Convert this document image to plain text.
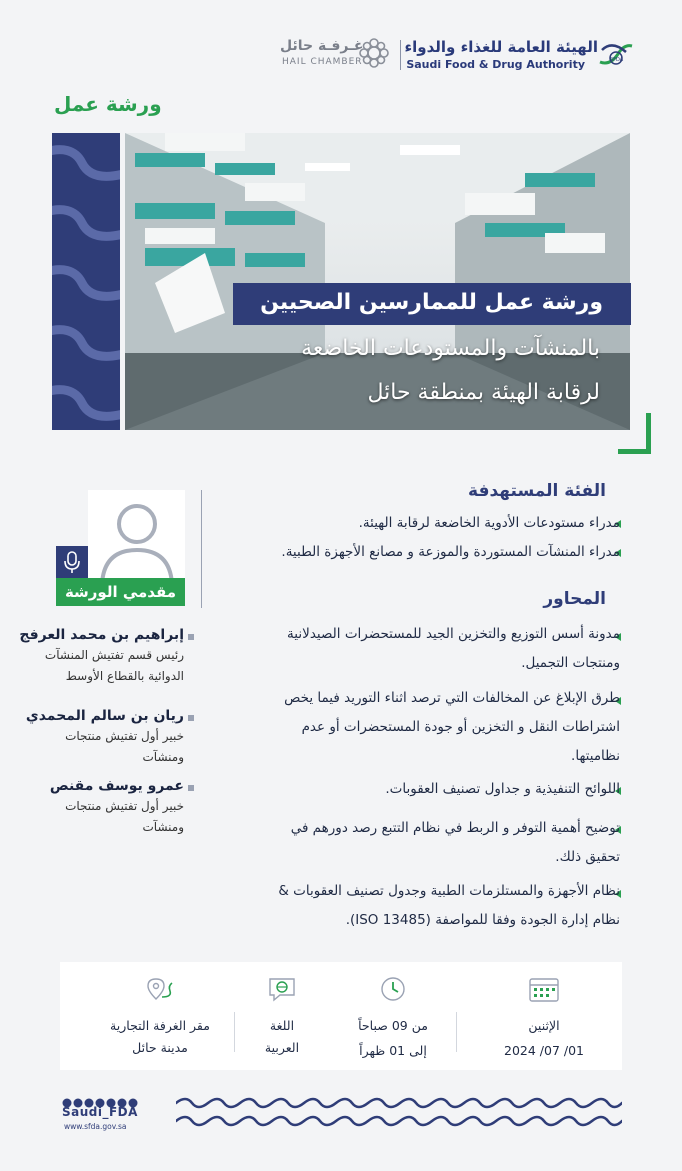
غـرفـة حائل
HAIL CHAMBER
الهيئة العامة للغذاء والدواء
Saudi Food & Drug Authority	SFDA
ورشة عمل
ورشة عمل للممارسين الصحيين
بالمنشآت والمستودعات الخاضعة
لرقابة الهيئة بمنطقة حائل
مقدمي الورشة
إبراهيم بن محمد العرفج
رئيس قسم تفتيش المنشآت الدوائية بالقطاع الأوسط
ريان بن سالم المحمدي
خبير أول تفتيش منتجات ومنشآت
عمرو يوسف مقنص
خبير أول تفتيش منتجات ومنشآت
الفئة المستهدفة
مدراء مستودعات الأدوية الخاضعة لرقابة الهيئة.
مدراء المنشآت المستوردة والموزعة و مصانع الأجهزة الطبية.
المحاور
مدونة أسس التوزيع والتخزين الجيد للمستحضرات الصيدلانية ومنتجات التجميل.
طرق الإبلاغ عن المخالفات التي ترصد اثناء التوريد فيما يخص اشتراطات النقل و التخزين أو جودة المستحضرات أو عدم نظاميتها.
اللوائح التنفيذية و جداول تصنيف العقوبات.
توضيح أهمية التوفر و الربط في نظام التتبع رصد دورهم في تحقيق ذلك.
نظام الأجهزة والمستلزمات الطبية وجدول تصنيف العقوبات & نظام إدارة الجودة وفقا للمواصفة (ISO 13485).
الإثنين
2024 /07 /01
من 09 صباحاً
إلى 01 ظهراً
اللغة
العربية
مقر الغرفة التجارية
مدينة حائل
Saudi_FDA
www.sfda.gov.sa
